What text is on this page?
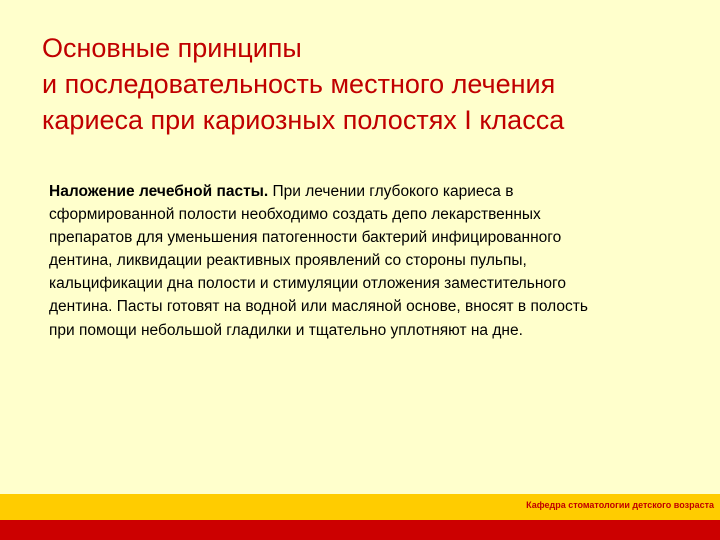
Основные принципы
и последовательность местного лечения
кариеса при кариозных полостях I класса
Наложение лечебной пасты. При лечении глубокого кариеса в
сформированной полости необходимо создать депо лекарственных
препаратов для уменьшения патогенности бактерий инфицированного
дентина, ликвидации реактивных проявлений со стороны пульпы,
кальцификации дна полости и стимуляции отложения заместительного
дентина. Пасты готовят на водной или масляной основе, вносят в полость
при помощи небольшой гладилки и тщательно уплотняют на дне.
Кафедра стоматологии детского возраста
